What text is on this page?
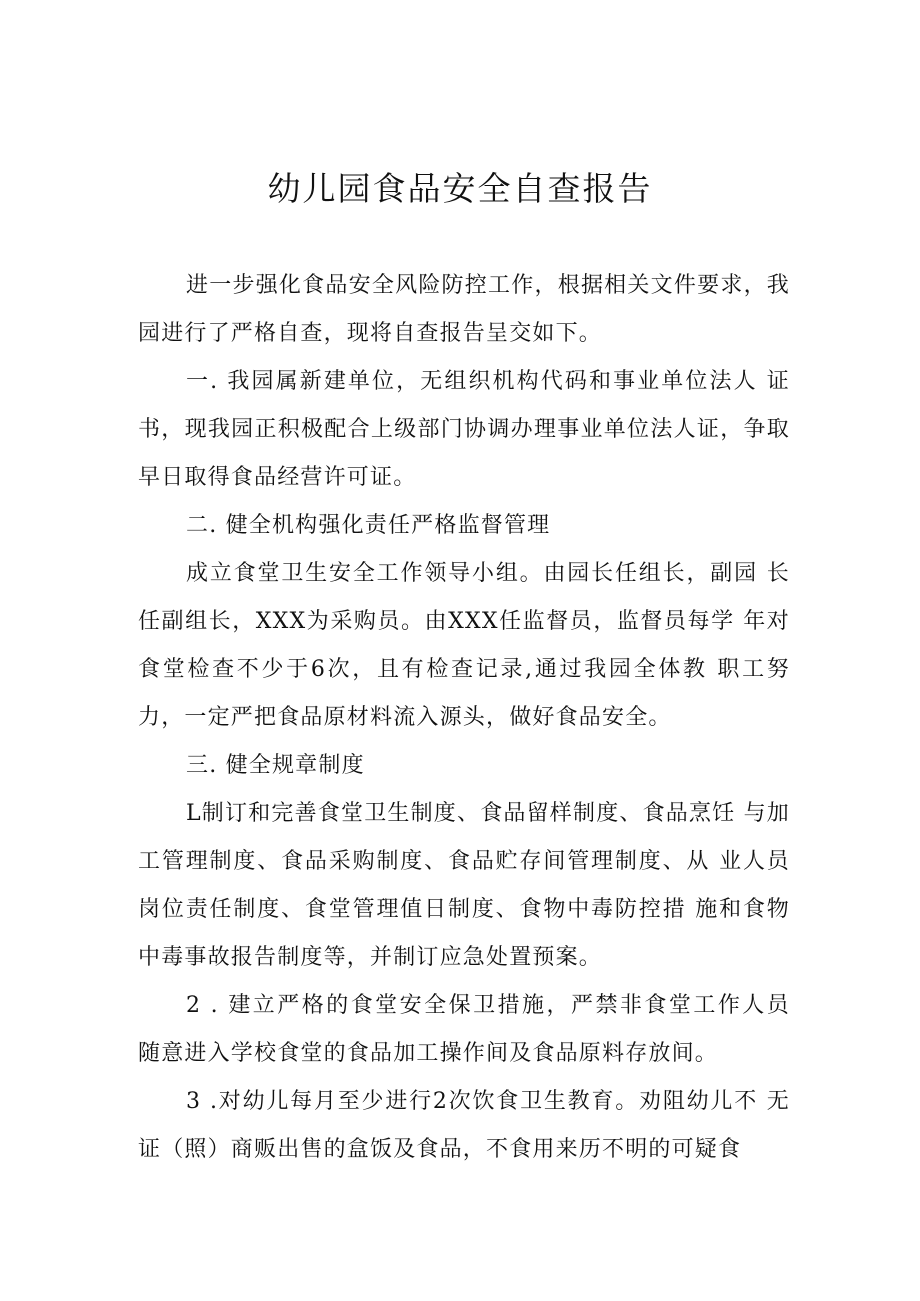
幼儿园食品安全自查报告

进一步强化食品安全风险防控工作，根据相关文件要求，我园进行了严格自查，现将自查报告呈交如下。

一. 我园属新建单位，无组织机构代码和事业单位法人 证书，现我园正积极配合上级部门协调办理事业单位法人证，争取早日取得食品经营许可证。

二. 健全机构强化责任严格监督管理

成立食堂卫生安全工作领导小组。由园长任组长，副园 长任副组长，XXX为采购员。由XXX任监督员，监督员每学 年对食堂检查不少于6次，且有检查记录,通过我园全体教 职工努力，一定严把食品原材料流入源头，做好食品安全。

三. 健全规章制度

L制订和完善食堂卫生制度、食品留样制度、食品烹饪 与加工管理制度、食品采购制度、食品贮存间管理制度、从 业人员岗位责任制度、食堂管理值日制度、食物中毒防控措 施和食物中毒事故报告制度等，并制订应急处置预案。

2 . 建立严格的食堂安全保卫措施，严禁非食堂工作人员 随意进入学校食堂的食品加工操作间及食品原料存放间。

3 .对幼儿每月至少进行2次饮食卫生教育。劝阻幼儿不 无证（照）商贩出售的盒饭及食品，不食用来历不明的可疑食
